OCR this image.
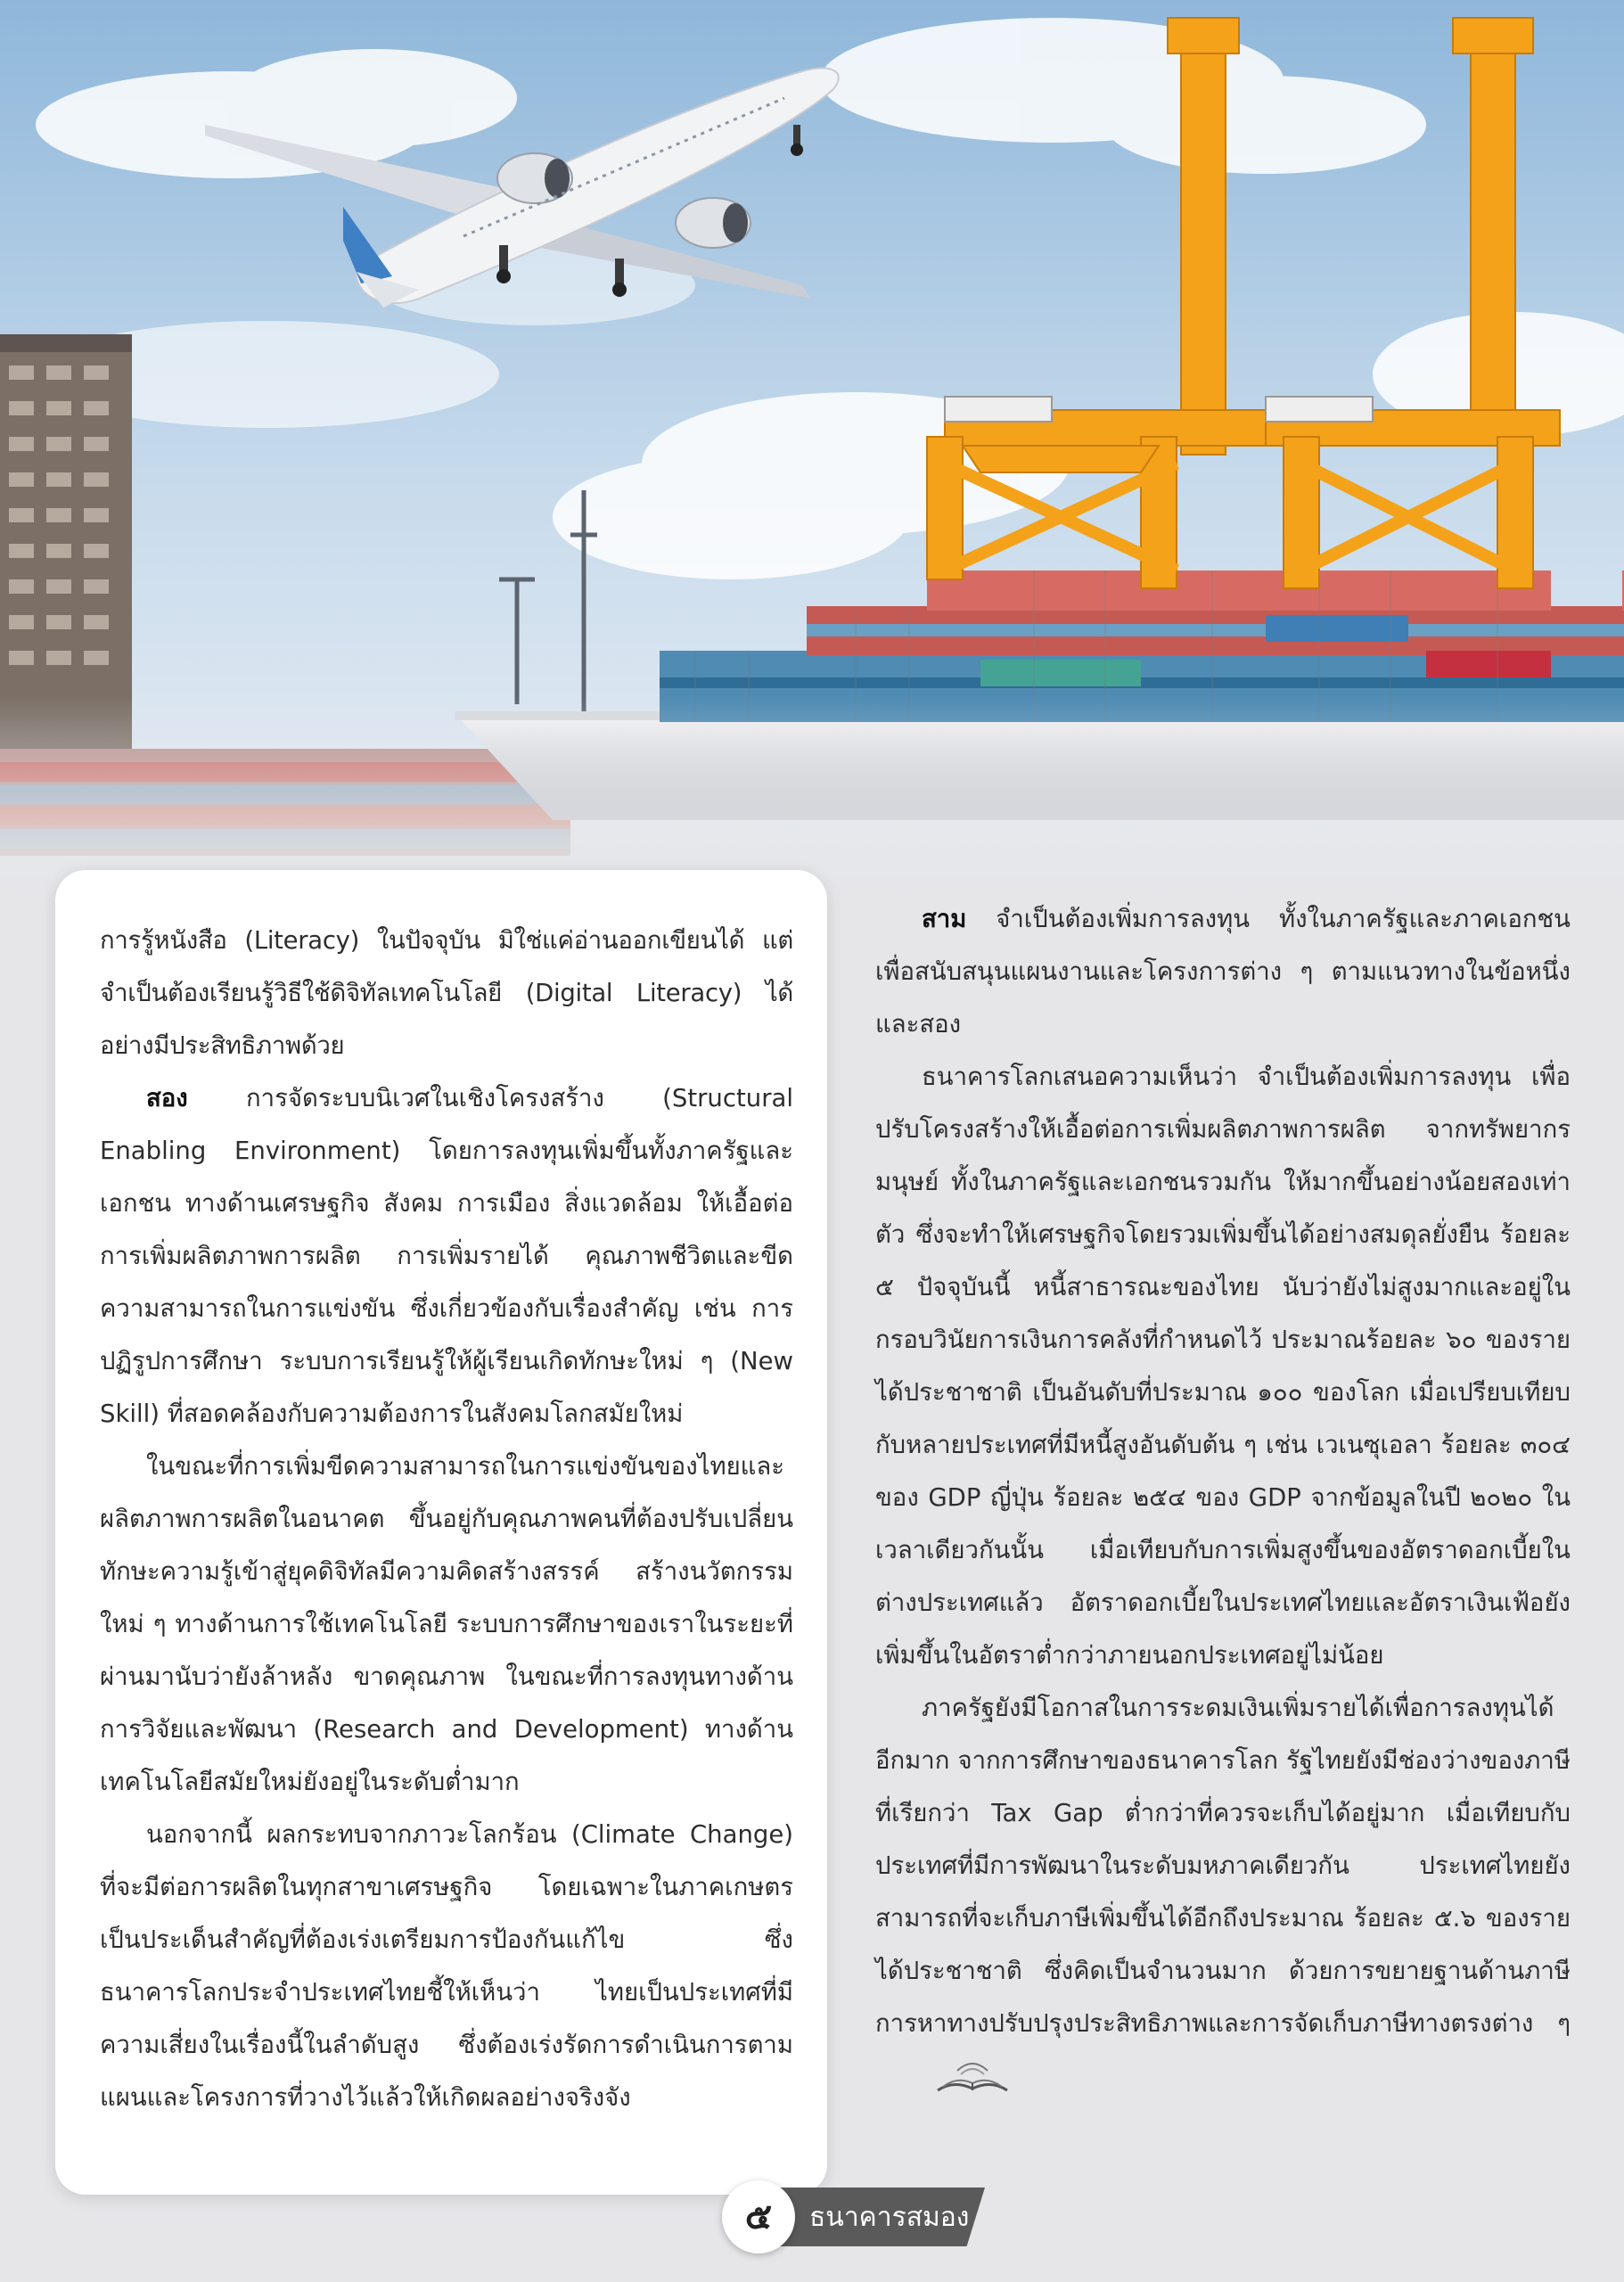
การรู้หนังสือ (Literacy) ในปัจจุบัน มิใช่แค่อ่านออกเขียนได้ แต่จำเป็นต้องเรียนรู้วิธีใช้ดิจิทัลเทคโนโลยี (Digital Literacy) ได้อย่างมีประสิทธิภาพด้วย

สอง การจัดระบบนิเวศในเชิงโครงสร้าง (Structural Enabling Environment) โดยการลงทุนเพิ่มขึ้นทั้งภาครัฐและเอกชน ทางด้านเศรษฐกิจ สังคม การเมือง สิ่งแวดล้อม ให้เอื้อต่อการเพิ่มผลิตภาพการผลิต การเพิ่มรายได้ คุณภาพชีวิตและขีดความสามารถในการแข่งขัน ซึ่งเกี่ยวข้องกับเรื่องสำคัญ เช่น การปฏิรูปการศึกษา ระบบการเรียนรู้ให้ผู้เรียนเกิดทักษะใหม่ ๆ (New Skill) ที่สอดคล้องกับความต้องการในสังคมโลกสมัยใหม่

ในขณะที่การเพิ่มขีดความสามารถในการแข่งขันของไทยและผลิตภาพการผลิตในอนาคต ขึ้นอยู่กับคุณภาพคนที่ต้องปรับเปลี่ยนทักษะความรู้เข้าสู่ยุคดิจิทัลมีความคิดสร้างสรรค์ สร้างนวัตกรรมใหม่ ๆ ทางด้านการใช้เทคโนโลยี ระบบการศึกษาของเราในระยะที่ผ่านมานับว่ายังล้าหลัง ขาดคุณภาพ ในขณะที่การลงทุนทางด้านการวิจัยและพัฒนา (Research and Development) ทางด้านเทคโนโลยีสมัยใหม่ยังอยู่ในระดับต่ำมาก

นอกจากนี้ ผลกระทบจากภาวะโลกร้อน (Climate Change) ที่จะมีต่อการผลิตในทุกสาขาเศรษฐกิจ โดยเฉพาะในภาคเกษตร เป็นประเด็นสำคัญที่ต้องเร่งเตรียมการป้องกันแก้ไข ซึ่งธนาคารโลกประจำประเทศไทยชี้ให้เห็นว่า ไทยเป็นประเทศที่มีความเสี่ยงในเรื่องนี้ในลำดับสูง ซึ่งต้องเร่งรัดการดำเนินการตามแผนและโครงการที่วางไว้แล้วให้เกิดผลอย่างจริงจัง

สาม จำเป็นต้องเพิ่มการลงทุน ทั้งในภาครัฐและภาคเอกชน เพื่อสนับสนุนแผนงานและโครงการต่าง ๆ ตามแนวทางในข้อหนึ่งและสอง

ธนาคารโลกเสนอความเห็นว่า จำเป็นต้องเพิ่มการลงทุน เพื่อปรับโครงสร้างให้เอื้อต่อการเพิ่มผลิตภาพการผลิต จากทรัพยากรมนุษย์ ทั้งในภาครัฐและเอกชนรวมกัน ให้มากขึ้นอย่างน้อยสองเท่าตัว ซึ่งจะทำให้เศรษฐกิจโดยรวมเพิ่มขึ้นได้อย่างสมดุลยั่งยืน ร้อยละ ๕ ปัจจุบันนี้ หนี้สาธารณะของไทย นับว่ายังไม่สูงมากและอยู่ในกรอบวินัยการเงินการคลังที่กำหนดไว้ ประมาณร้อยละ ๖๐ ของรายได้ประชาชาติ เป็นอันดับที่ประมาณ ๑๐๐ ของโลก เมื่อเปรียบเทียบกับหลายประเทศที่มีหนี้สูงอันดับต้น ๆ เช่น เวเนซุเอลา ร้อยละ ๓๐๔ ของ GDP ญี่ปุ่น ร้อยละ ๒๕๔ ของ GDP จากข้อมูลในปี ๒๐๒๐ ในเวลาเดียวกันนั้น เมื่อเทียบกับการเพิ่มสูงขึ้นของอัตราดอกเบี้ยในต่างประเทศแล้ว อัตราดอกเบี้ยในประเทศไทยและอัตราเงินเฟ้อยังเพิ่มขึ้นในอัตราต่ำกว่าภายนอกประเทศอยู่ไม่น้อย

ภาครัฐยังมีโอกาสในการระดมเงินเพิ่มรายได้เพื่อการลงทุนได้อีกมาก จากการศึกษาของธนาคารโลก รัฐไทยยังมีช่องว่างของภาษี ที่เรียกว่า Tax Gap ต่ำกว่าที่ควรจะเก็บได้อยู่มาก เมื่อเทียบกับประเทศที่มีการพัฒนาในระดับมหภาคเดียวกัน ประเทศไทยยังสามารถที่จะเก็บภาษีเพิ่มขึ้นได้อีกถึงประมาณ ร้อยละ ๕.๖ ของรายได้ประชาชาติ ซึ่งคิดเป็นจำนวนมาก ด้วยการขยายฐานด้านภาษี การหาทางปรับปรุงประสิทธิภาพและการจัดเก็บภาษีทางตรงต่าง ๆ

๕	ธนาคารสมอง
